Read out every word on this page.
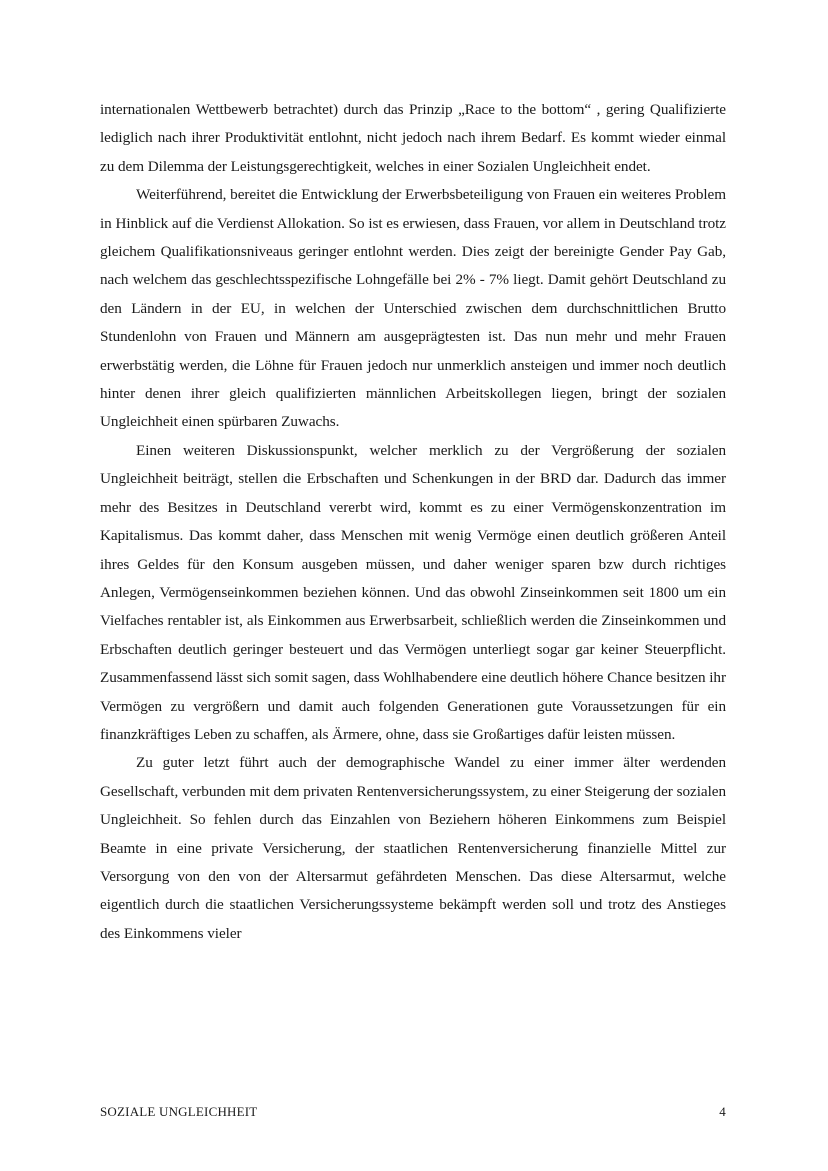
internationalen Wettbewerb betrachtet) durch das Prinzip „Race to the bottom“ , gering Qualifizierte lediglich nach ihrer Produktivität entlohnt, nicht jedoch nach ihrem Bedarf. Es kommt wieder einmal zu dem Dilemma der Leistungsgerechtigkeit, welches in einer Sozialen Ungleichheit endet.

Weiterführend, bereitet die Entwicklung der Erwerbsbeteiligung von Frauen ein weiteres Problem in Hinblick auf die Verdienst Allokation. So ist es erwiesen, dass Frauen, vor allem in Deutschland trotz gleichem Qualifikationsniveaus geringer entlohnt werden. Dies zeigt der bereinigte Gender Pay Gab, nach welchem das geschlechtsspezifische Lohngefälle bei 2% - 7% liegt. Damit gehört Deutschland zu den Ländern in der EU, in welchen der Unterschied zwischen dem durchschnittlichen Brutto Stundenlohn von Frauen und Männern am ausgeprägtesten ist. Das nun mehr und mehr Frauen erwerbstätig werden, die Löhne für Frauen jedoch nur unmerklich ansteigen und immer noch deutlich hinter denen ihrer gleich qualifizierten männlichen Arbeitskollegen liegen, bringt der sozialen Ungleichheit einen spürbaren Zuwachs.

Einen weiteren Diskussionspunkt, welcher merklich zu der Vergrößerung der sozialen Ungleichheit beiträgt, stellen die Erbschaften und Schenkungen in der BRD dar. Dadurch das immer mehr des Besitzes in Deutschland vererbt wird, kommt es zu einer Vermögenskonzentration im Kapitalismus. Das kommt daher, dass Menschen mit wenig Vermöge einen deutlich größeren Anteil ihres Geldes für den Konsum ausgeben müssen, und daher weniger sparen bzw durch richtiges Anlegen, Vermögenseinkommen beziehen können. Und das obwohl Zinseinkommen seit 1800 um ein Vielfaches rentabler ist, als Einkommen aus Erwerbsarbeit, schließlich werden die Zinseinkommen und Erbschaften deutlich geringer besteuert und das Vermögen unterliegt sogar gar keiner Steuerpflicht. Zusammenfassend lässt sich somit sagen, dass Wohlhabendere eine deutlich höhere Chance besitzen ihr Vermögen zu vergrößern und damit auch folgenden Generationen gute Voraussetzungen für ein finanzkräftiges Leben zu schaffen, als Ärmere, ohne, dass sie Großartiges dafür leisten müssen.

Zu guter letzt führt auch der demographische Wandel zu einer immer älter werdenden Gesellschaft, verbunden mit dem privaten Rentenversicherungssystem, zu einer Steigerung der sozialen Ungleichheit. So fehlen durch das Einzahlen von Beziehern höheren Einkommens zum Beispiel Beamte in eine private Versicherung, der staatlichen Rentenversicherung finanzielle Mittel zur Versorgung von den von der Altersarmut gefährdeten Menschen. Das diese Altersarmut, welche eigentlich durch die staatlichen Versicherungssysteme bekämpft werden soll und trotz des Anstieges des Einkommens vieler

SOZIALE UNGLEICHHEIT	4
